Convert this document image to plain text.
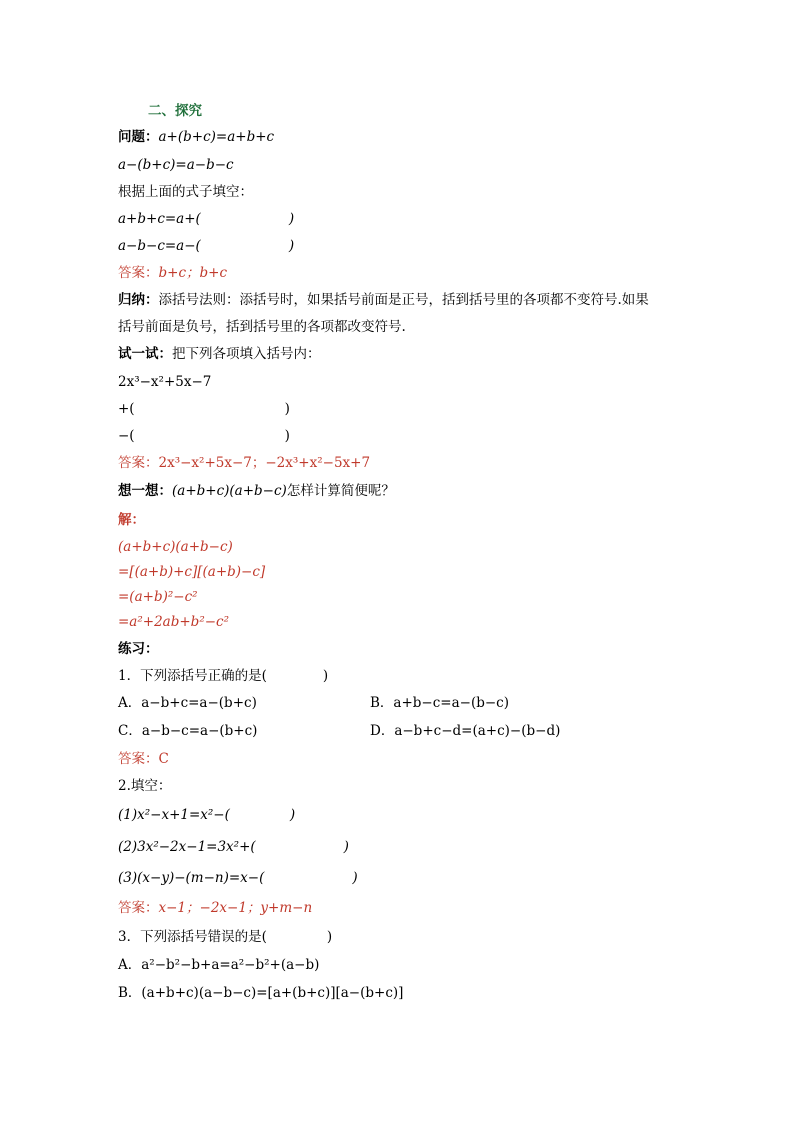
二、探究
问题：a+(b+c)=a+b+c
a−(b+c)=a−b−c
根据上面的式子填空：
a+b+c=a+(	)
a−b−c=a−(	)
答案：b+c；b+c
归纳：添括号法则：添括号时，如果括号前面是正号，括到括号里的各项都不变符号.如果
括号前面是负号，括到括号里的各项都改变符号.
试一试：把下列各项填入括号内：
2x³−x²+5x−7
+(	)
−(	)
答案：2x³−x²+5x−7；−2x³+x²−5x+7
想一想：(a+b+c)(a+b−c)怎样计算简便呢？
解：
(a+b+c)(a+b−c)
=[(a+b)+c][(a+b)−c]
=(a+b)²−c²
=a²+2ab+b²−c²
练习：
1．下列添括号正确的是(	)
A．a−b+c=a−(b+c)	B．a+b−c=a−(b−c)
C．a−b−c=a−(b+c)	D．a−b+c−d=(a+c)−(b−d)
答案：C
2.填空：
(1)x²−x+1=x²−(	)
(2)3x²−2x−1=3x²+(	)
(3)(x−y)−(m−n)=x−(	)
答案：x−1；−2x−1；y+m−n
3．下列添括号错误的是(	)
A．a²−b²−b+a=a²−b²+(a−b)
B．(a+b+c)(a−b−c)=[a+(b+c)][a−(b+c)]
